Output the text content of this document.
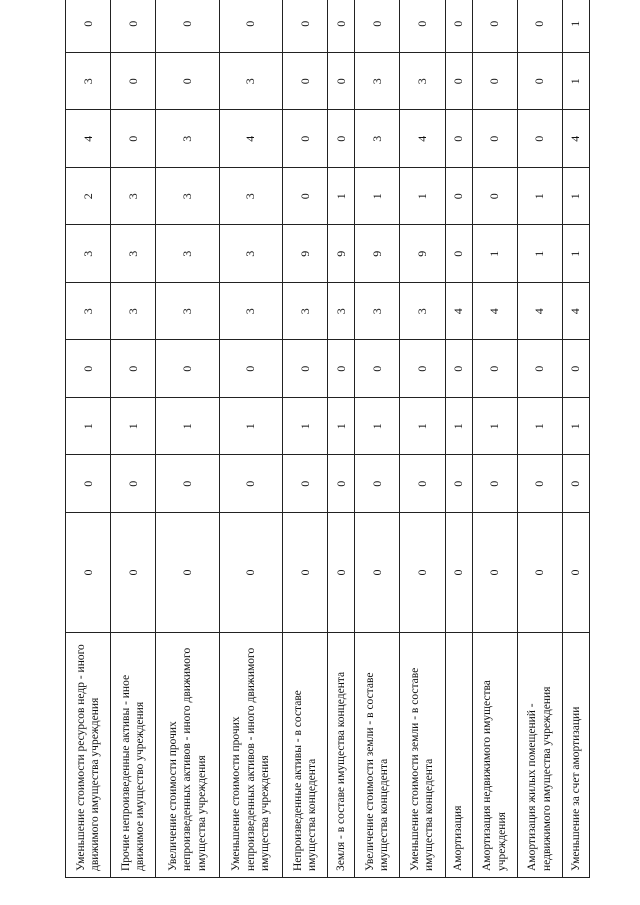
Уменьшение стоимости ресурсов недр - иного движимого имущества учреждения	0	0	1	0	3	3	2	4	3	0
Прочие непроизведенные активы - иное движимое имущество учреждения	0	0	1	0	3	3	3	0	0	0
Увеличение стоимости прочих непроизведенных активов - иного движимого имущества учреждения	0	0	1	0	3	3	3	3	0	0
Уменьшение стоимости прочих непроизведенных активов - иного движимого имущества учреждения	0	0	1	0	3	3	3	4	3	0
Непроизведенные активы - в составе имущества концедента	0	0	1	0	3	9	0	0	0	0
Земля - в составе имущества концедента	0	0	1	0	3	9	1	0	0	0
Увеличение стоимости земли - в составе имущества концедента	0	0	1	0	3	9	1	3	3	0
Уменьшение стоимости земли - в составе имущества концедента	0	0	1	0	3	9	1	4	3	0
Амортизация	0	0	1	0	4	0	0	0	0	0
Амортизация недвижимого имущества учреждения	0	0	1	0	4	1	0	0	0	0
Амортизация жилых помещений - недвижимого имущества учреждения	0	0	1	0	4	1	1	0	0	0
Уменьшение за счет амортизации	0	0	1	0	4	1	1	4	1	1
